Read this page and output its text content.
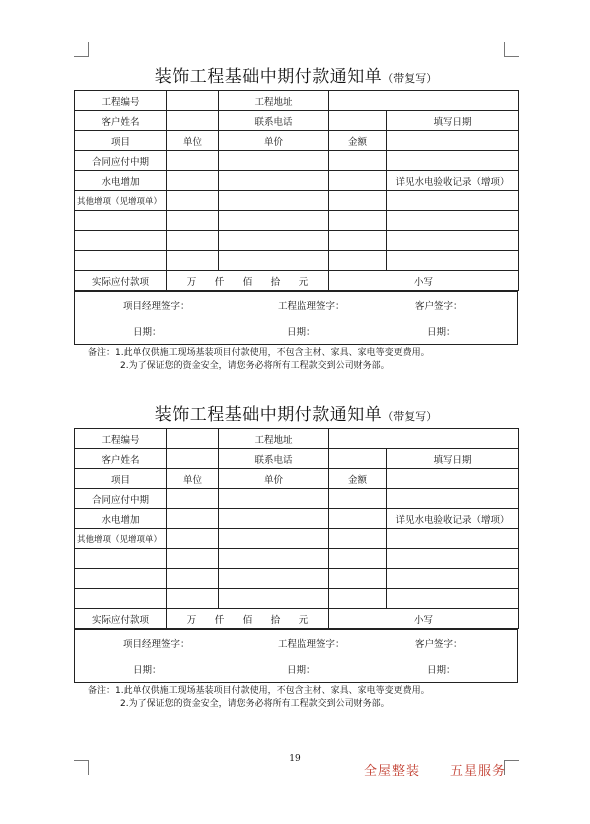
装饰工程基础中期付款通知单（带复写）
工程编号		工程地址		
客户姓名		联系电话		填写日期
项目	单位	单价	金额	
合同应付中期				
水电增加				详见水电验收记录（增项）
其他增项（见增项单）				

实际应付款项	万 仟 佰 拾 元		小写	
项目经理签字：	工程监理签字：	客户签字：
日期：	日期：	日期：
备注：1.此单仅供施工现场基装项目付款使用，不包含主材、家具、家电等变更费用。
2.为了保证您的资金安全，请您务必将所有工程款交到公司财务部。
装饰工程基础中期付款通知单（带复写）
工程编号		工程地址		
客户姓名		联系电话		填写日期
项目	单位	单价	金额	
合同应付中期				
水电增加				详见水电验收记录（增项）
其他增项（见增项单）				

实际应付款项	万 仟 佰 拾 元		小写	
项目经理签字：	工程监理签字：	客户签字：
日期：	日期：	日期：
备注：1.此单仅供施工现场基装项目付款使用，不包含主材、家具、家电等变更费用。
2.为了保证您的资金安全，请您务必将所有工程款交到公司财务部。
19
全屋整装 五星服务
